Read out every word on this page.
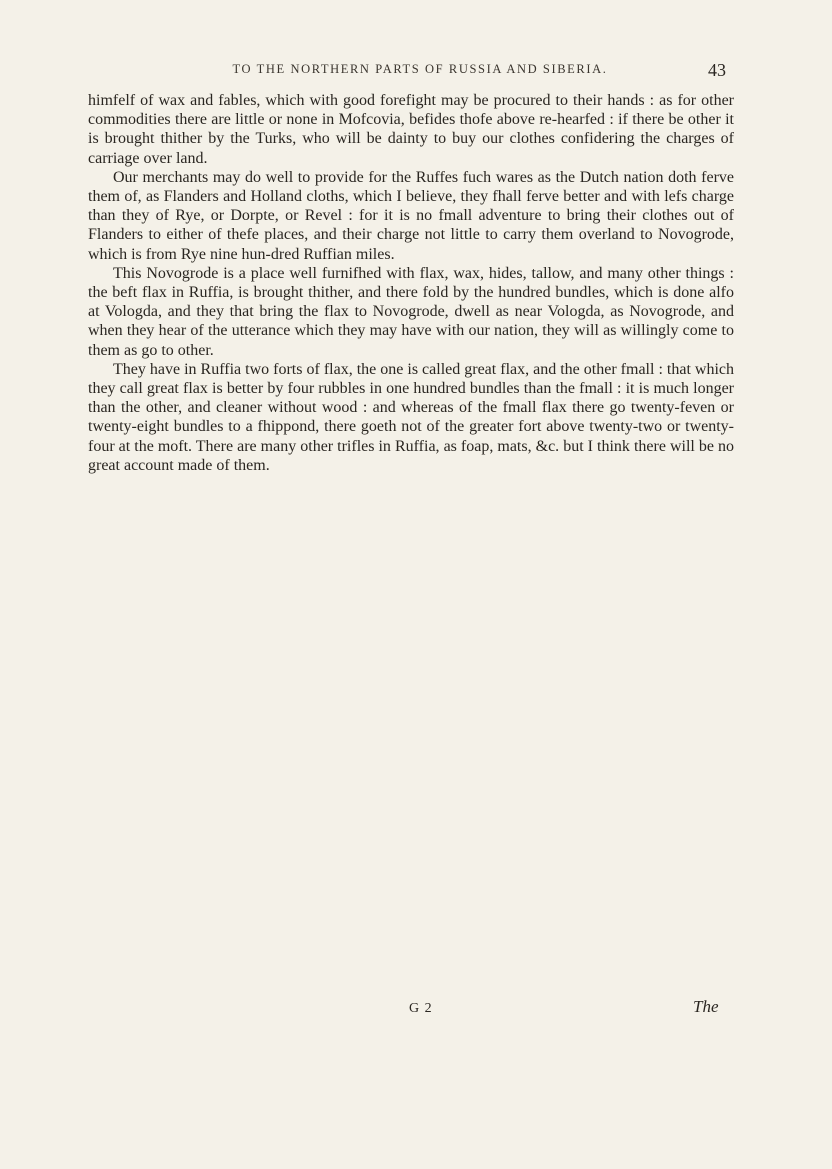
TO THE NORTHERN PARTS OF RUSSIA AND SIBERIA.	43

himfelf of wax and fables, which with good forefight may be procured to their hands : as for other commodities there are little or none in Mofcovia, befides thofe above re-hearfed : if there be other it is brought thither by the Turks, who will be dainty to buy our clothes confidering the charges of carriage over land.

Our merchants may do well to provide for the Ruffes fuch wares as the Dutch nation doth ferve them of, as Flanders and Holland cloths, which I believe, they fhall ferve better and with lefs charge than they of Rye, or Dorpte, or Revel : for it is no fmall adventure to bring their clothes out of Flanders to either of thefe places, and their charge not little to carry them overland to Novogrode, which is from Rye nine hun-dred Ruffian miles.

This Novogrode is a place well furnifhed with flax, wax, hides, tallow, and many other things : the beft flax in Ruffia, is brought thither, and there fold by the hundred bundles, which is done alfo at Vologda, and they that bring the flax to Novogrode, dwell as near Vologda, as Novogrode, and when they hear of the utterance which they may have with our nation, they will as willingly come to them as go to other.

They have in Ruffia two forts of flax, the one is called great flax, and the other fmall : that which they call great flax is better by four rubbles in one hundred bundles than the fmall : it is much longer than the other, and cleaner without wood : and whereas of the fmall flax there go twenty-feven or twenty-eight bundles to a fhippond, there goeth not of the greater fort above twenty-two or twenty-four at the moft. There are many other trifles in Ruffia, as foap, mats, &c. but I think there will be no great account made of them.

G 2	The
